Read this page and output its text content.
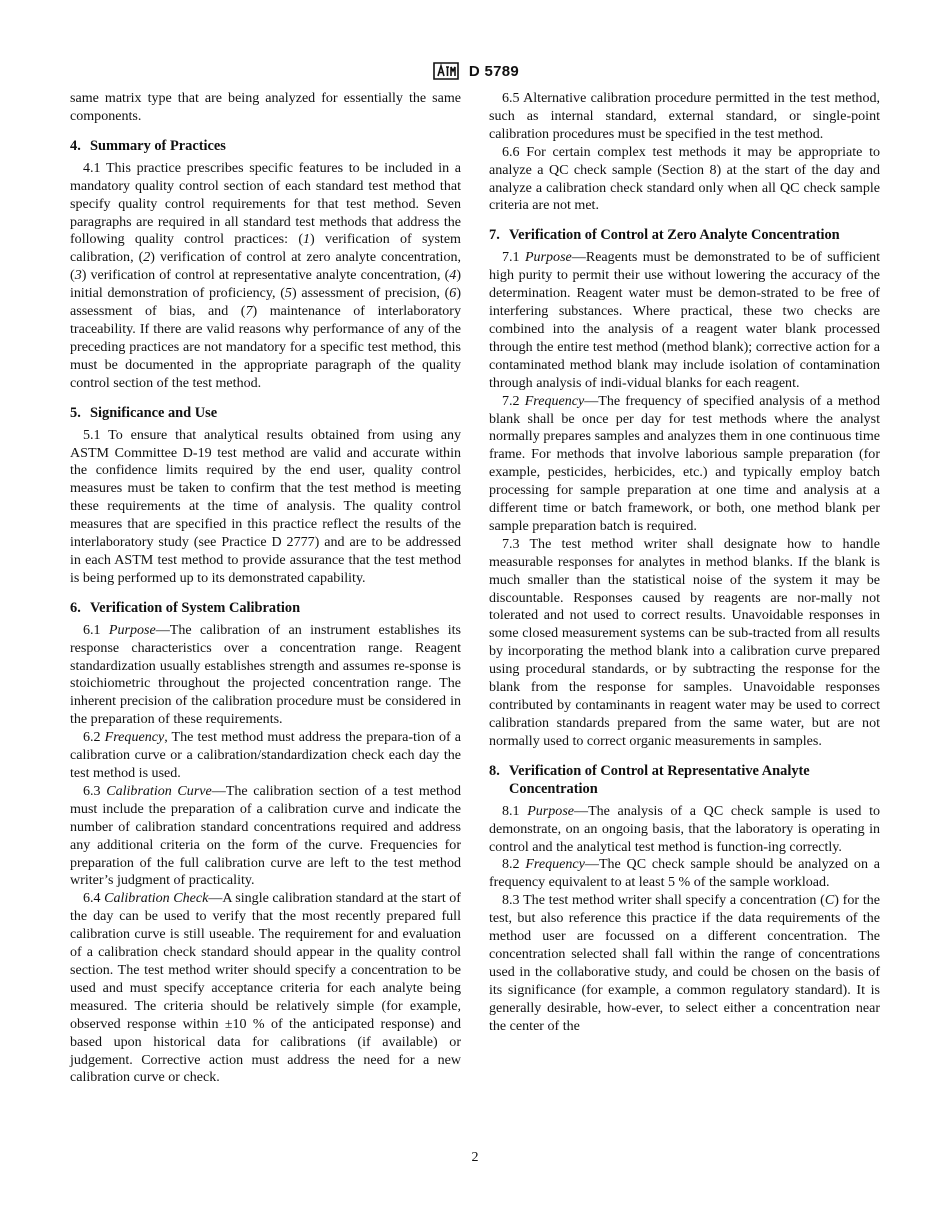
D 5789

same matrix type that are being analyzed for essentially the same components.

4. Summary of Practices

4.1 This practice prescribes specific features to be included in a mandatory quality control section of each standard test method that specify quality control requirements for that test method. Seven paragraphs are required in all standard test methods that address the following quality control practices: (1) verification of system calibration, (2) verification of control at zero analyte concentration, (3) verification of control at representative analyte concentration, (4) initial demonstration of proficiency, (5) assessment of precision, (6) assessment of bias, and (7) maintenance of interlaboratory traceability. If there are valid reasons why performance of any of the preceding practices are not mandatory for a specific test method, this must be documented in the appropriate paragraph of the quality control section of the test method.

5. Significance and Use

5.1 To ensure that analytical results obtained from using any ASTM Committee D-19 test method are valid and accurate within the confidence limits required by the end user, quality control measures must be taken to confirm that the test method is meeting these requirements at the time of analysis. The quality control measures that are specified in this practice reflect the results of the interlaboratory study (see Practice D 2777) and are to be addressed in each ASTM test method to provide assurance that the test method is being performed up to its demonstrated capability.

6. Verification of System Calibration

6.1 Purpose—The calibration of an instrument establishes its response characteristics over a concentration range. Reagent standardization usually establishes strength and assumes re-sponse is stoichiometric throughout the projected concentration range. The inherent precision of the calibration procedure must be considered in the preparation of these requirements.

6.2 Frequency, The test method must address the prepara-tion of a calibration curve or a calibration/standardization check each day the test method is used.

6.3 Calibration Curve—The calibration section of a test method must include the preparation of a calibration curve and indicate the number of calibration standard concentrations required and address any additional criteria on the form of the curve. Frequencies for preparation of the full calibration curve are left to the test method writer’s judgment of practicality.

6.4 Calibration Check—A single calibration standard at the start of the day can be used to verify that the most recently prepared full calibration curve is still useable. The requirement for and evaluation of a calibration check standard should appear in the quality control section. The test method writer should specify a concentration to be used and must specify acceptance criteria for each analyte being measured. The criteria should be relatively simple (for example, observed response within ±10 % of the anticipated response) and based upon historical data for calibrations (if available) or judgement. Corrective action must address the need for a new calibration curve or check.

6.5 Alternative calibration procedure permitted in the test method, such as internal standard, external standard, or single-point calibration procedures must be specified in the test method.

6.6 For certain complex test methods it may be appropriate to analyze a QC check sample (Section 8) at the start of the day and analyze a calibration check standard only when all QC check sample criteria are not met.

7. Verification of Control at Zero Analyte Concentration

7.1 Purpose—Reagents must be demonstrated to be of sufficient high purity to permit their use without lowering the accuracy of the determination. Reagent water must be demon-strated to be free of interfering substances. Where practical, these two checks are combined into the analysis of a reagent water blank processed through the entire test method (method blank); corrective action for a contaminated method blank may include isolation of contamination through analysis of indi-vidual blanks for each reagent.

7.2 Frequency—The frequency of specified analysis of a method blank shall be once per day for test methods where the analyst normally prepares samples and analyzes them in one continuous time frame. For methods that involve laborious sample preparation (for example, pesticides, herbicides, etc.) and typically employ batch processing for sample preparation at one time and analysis at a different time or batch framework, or both, one method blank per sample preparation batch is required.

7.3 The test method writer shall designate how to handle measurable responses for analytes in method blanks. If the blank is much smaller than the statistical noise of the system it may be discountable. Responses caused by reagents are nor-mally not tolerated and not used to correct results. Unavoidable responses in some closed measurement systems can be sub-tracted from all results by incorporating the method blank into a calibration curve prepared using procedural standards, or by subtracting the response for the blank from the response for samples. Unavoidable responses contributed by contaminants in reagent water may be used to correct calibration standards prepared from the same water, but are not normally used to correct organic measurements in samples.

8. Verification of Control at Representative Analyte Concentration

8.1 Purpose—The analysis of a QC check sample is used to demonstrate, on an ongoing basis, that the laboratory is operating in control and the analytical test method is function-ing correctly.

8.2 Frequency—The QC check sample should be analyzed on a frequency equivalent to at least 5 % of the sample workload.

8.3 The test method writer shall specify a concentration (C) for the test, but also reference this practice if the data requirements of the method user are focussed on a different concentration. The concentration selected shall fall within the range of concentrations used in the collaborative study, and could be chosen on the basis of its significance (for example, a common regulatory standard). It is generally desirable, how-ever, to select either a concentration near the center of the

2
